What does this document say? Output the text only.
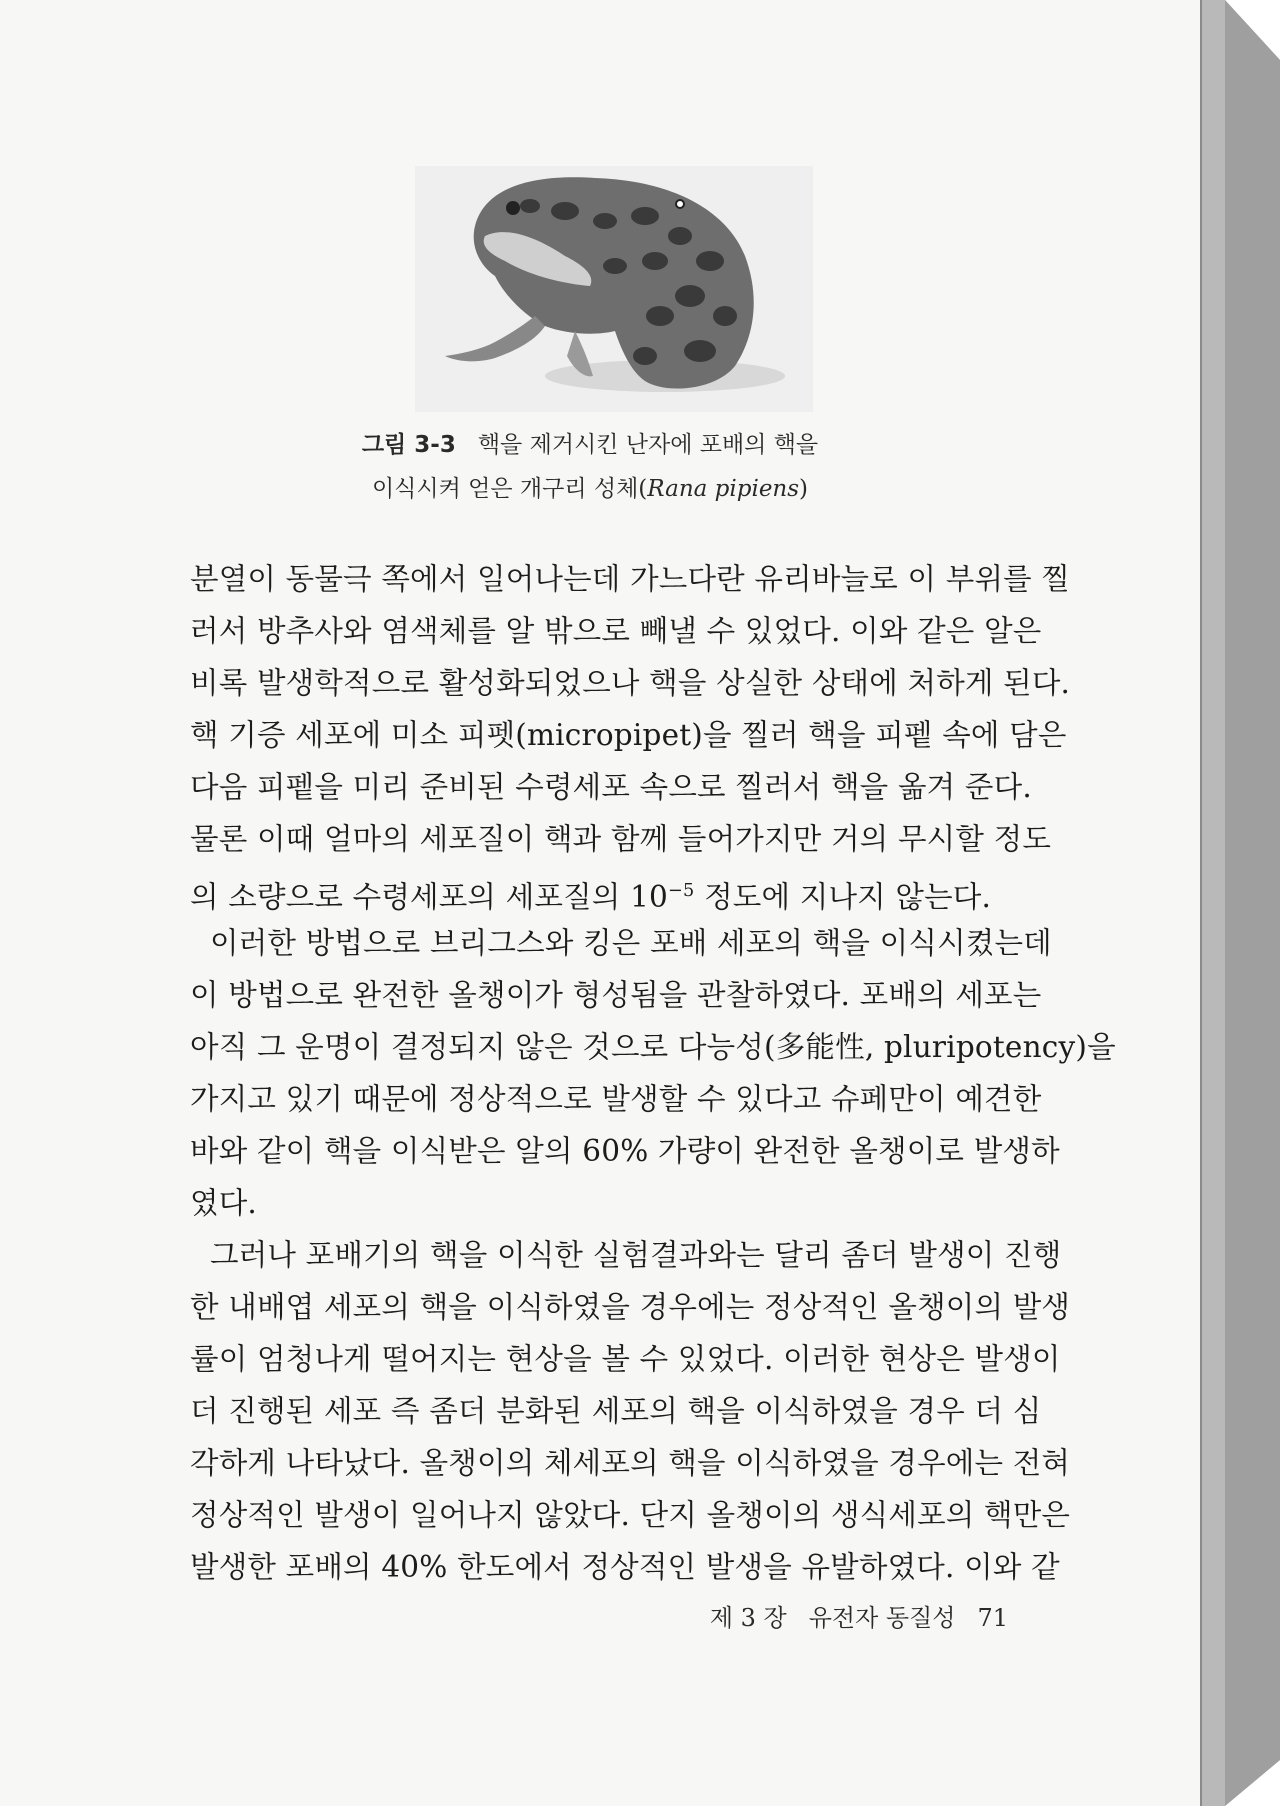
그림 3-3 핵을 제거시킨 난자에 포배의 핵을
이식시켜 얻은 개구리 성체(Rana pipiens)
분열이 동물극 쪽에서 일어나는데 가느다란 유리바늘로 이 부위를 찔
러서 방추사와 염색체를 알 밖으로 빼낼 수 있었다. 이와 같은 알은
비록 발생학적으로 활성화되었으나 핵을 상실한 상태에 처하게 된다.
핵 기증 세포에 미소 피펫(micropipet)을 찔러 핵을 피펱 속에 담은
다음 피펱을 미리 준비된 수령세포 속으로 찔러서 핵을 옮겨 준다.
물론 이때 얼마의 세포질이 핵과 함께 들어가지만 거의 무시할 정도
의 소량으로 수령세포의 세포질의 $10^{-5}$ 정도에 지나지 않는다.
이러한 방법으로 브리그스와 킹은 포배 세포의 핵을 이식시켰는데
이 방법으로 완전한 올챙이가 형성됨을 관찰하였다. 포배의 세포는
아직 그 운명이 결정되지 않은 것으로 다능성(多能性, pluripotency)을
가지고 있기 때문에 정상적으로 발생할 수 있다고 슈페만이 예견한
바와 같이 핵을 이식받은 알의 60% 가량이 완전한 올챙이로 발생하
였다.
그러나 포배기의 핵을 이식한 실험결과와는 달리 좀더 발생이 진행
한 내배엽 세포의 핵을 이식하였을 경우에는 정상적인 올챙이의 발생
률이 엄청나게 떨어지는 현상을 볼 수 있었다. 이러한 현상은 발생이
더 진행된 세포 즉 좀더 분화된 세포의 핵을 이식하였을 경우 더 심
각하게 나타났다. 올챙이의 체세포의 핵을 이식하였을 경우에는 전혀
정상적인 발생이 일어나지 않았다. 단지 올챙이의 생식세포의 핵만은
발생한 포배의 40% 한도에서 정상적인 발생을 유발하였다. 이와 같
제 3 장 유전자 동질성 71
